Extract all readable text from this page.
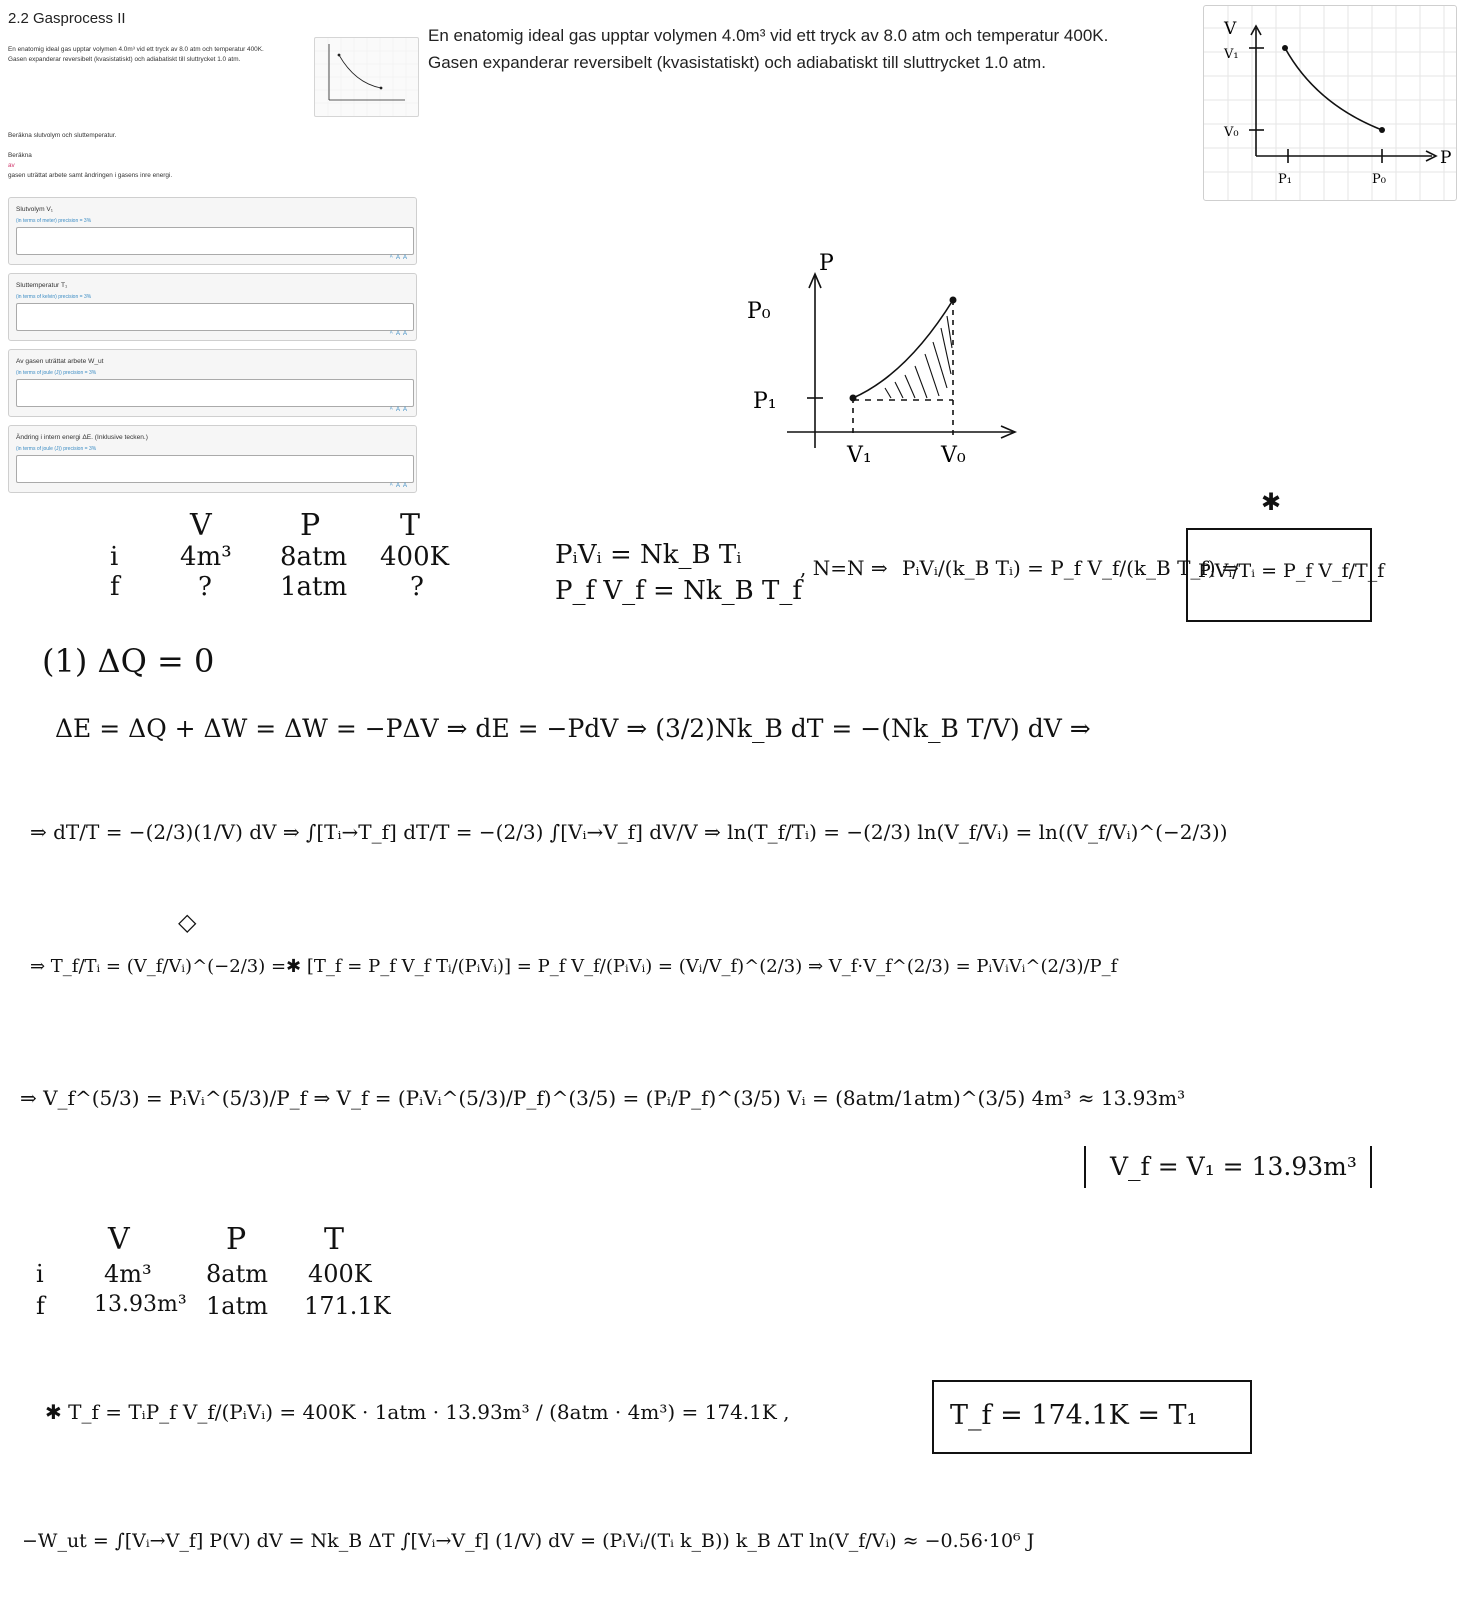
2.2 Gasprocess II
En enatomig ideal gas upptar volymen 4.0m³ vid ett tryck av 8.0 atm och temperatur 400K.
Gasen expanderar reversibelt (kvasistatiskt) och adiabatiskt till sluttrycket 1.0 atm.
Beräkna slutvolym och sluttemperatur.
Beräkna
av
gasen uträttat arbete samt ändringen i gasens inre energi.
Slutvolym V₁
(in terms of meter) precision = 3%
ᴬ A A
Sluttemperatur T₁
(in terms of kelvin) precision = 3%
ᴬ A A
Av gasen uträttat arbete W_ut
(in terms of joule (J)) precision = 3%
ᴬ A A
Ändring i intern energi ΔE. (Inklusive tecken.)
(in terms of joule (J)) precision = 3%
ᴬ A A
En enatomig ideal gas upptar volymen 4.0m³ vid ett tryck av 8.0 atm och temperatur 400K.
Gasen expanderar reversibelt (kvasistatiskt) och adiabatiskt till sluttrycket 1.0 atm.
V
V₁
V₀
P
P₁	P₀
P
P₀
P₁
V₁	V₀
V	P	T
i 4m³ 8atm 400K
f	?	1atm ?
PᵢVᵢ = Nk_B Tᵢ
P_f V_f = Nk_B T_f
, N=N ⇒ PᵢVᵢ/(k_B Tᵢ) = P_f V_f/(k_B T_f) ⇒
✱
PᵢVᵢ/Tᵢ = P_f V_f/T_f
(1) ΔQ = 0
ΔE = ΔQ + ΔW = ΔW = −PΔV ⇒ dE = −PdV ⇒ (3/2)Nk_B dT = −(Nk_B T/V) dV ⇒
⇒ dT/T = −(2/3)(1/V) dV ⇒ ∫[Tᵢ→T_f] dT/T = −(2/3) ∫[Vᵢ→V_f] dV/V ⇒ ln(T_f/Tᵢ) = −(2/3) ln(V_f/Vᵢ) = ln((V_f/Vᵢ)^(−2/3))
◇
⇒ T_f/Tᵢ = (V_f/Vᵢ)^(−2/3) =✱ [T_f = P_f V_f Tᵢ/(PᵢVᵢ)] = P_f V_f/(PᵢVᵢ) = (Vᵢ/V_f)^(2/3) ⇒ V_f·V_f^(2/3) = PᵢVᵢVᵢ^(2/3)/P_f
⇒ V_f^(5/3) = PᵢVᵢ^(5/3)/P_f ⇒ V_f = (PᵢVᵢ^(5/3)/P_f)^(3/5) = (Pᵢ/P_f)^(3/5) Vᵢ = (8atm/1atm)^(3/5) 4m³ ≈ 13.93m³
V_f = V₁ = 13.93m³
V	P	T
i	4m³ 8atm 400K
f 13.93m³ 1atm 171.1K
✱ T_f = TᵢP_f V_f/(PᵢVᵢ) = 400K · 1atm · 13.93m³ / (8atm · 4m³) = 174.1K ,	T_f = 174.1K = T₁
−W_ut = ∫[Vᵢ→V_f] P(V) dV = Nk_B ΔT ∫[Vᵢ→V_f] (1/V) dV = (PᵢVᵢ/(Tᵢ k_B)) k_B ΔT ln(V_f/Vᵢ) ≈ −0.56·10⁶ J
